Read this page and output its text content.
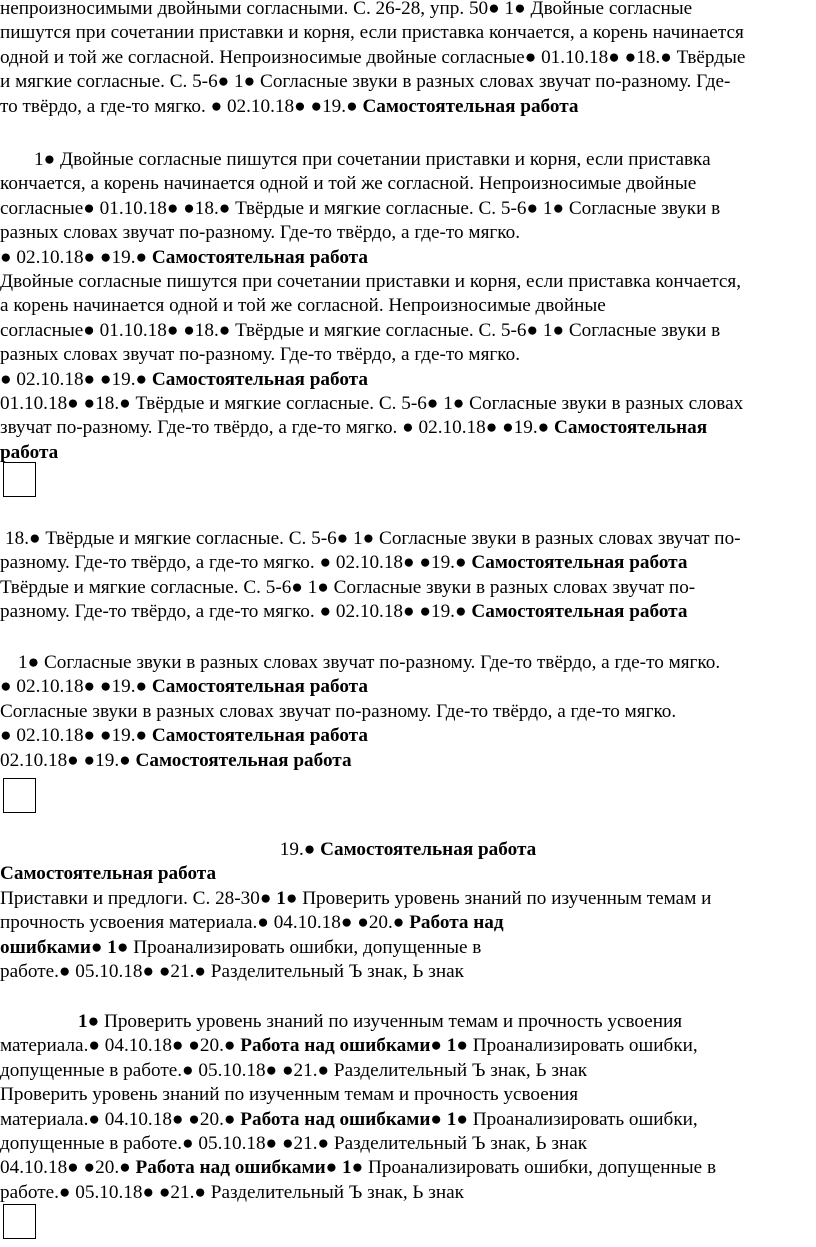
непроизносимыми двойными согласными. С. 26-28, упр. 50● 1● Двойные согласные
пишутся при сочетании приставки и корня, если приставка кончается, а корень начинается
одной и той же согласной. Непроизносимые двойные согласные● 01.10.18● ●18.● Твёрдые
и мягкие согласные. С. 5-6● 1● Согласные звуки в разных словах звучат по-разному. Где-
то твёрдо, а где-то мягко. ● 02.10.18● ●19.● Самостоятельная работа
1● Двойные согласные пишутся при сочетании приставки и корня, если приставка
кончается, а корень начинается одной и той же согласной. Непроизносимые двойные
согласные● 01.10.18● ●18.● Твёрдые и мягкие согласные. С. 5-6● 1● Согласные звуки в
разных словах звучат по-разному. Где-то твёрдо, а где-то мягко.
● 02.10.18● ●19.● Самостоятельная работа
Двойные согласные пишутся при сочетании приставки и корня, если приставка кончается,
а корень начинается одной и той же согласной. Непроизносимые двойные
согласные● 01.10.18● ●18.● Твёрдые и мягкие согласные. С. 5-6● 1● Согласные звуки в
разных словах звучат по-разному. Где-то твёрдо, а где-то мягко.
● 02.10.18● ●19.● Самостоятельная работа
01.10.18● ●18.● Твёрдые и мягкие согласные. С. 5-6● 1● Согласные звуки в разных словах
звучат по-разному. Где-то твёрдо, а где-то мягко. ● 02.10.18● ●19.● Самостоятельная
работа
18.● Твёрдые и мягкие согласные. С. 5-6● 1● Согласные звуки в разных словах звучат по-
разному. Где-то твёрдо, а где-то мягко. ● 02.10.18● ●19.● Самостоятельная работа
Твёрдые и мягкие согласные. С. 5-6● 1● Согласные звуки в разных словах звучат по-
разному. Где-то твёрдо, а где-то мягко. ● 02.10.18● ●19.● Самостоятельная работа
1● Согласные звуки в разных словах звучат по-разному. Где-то твёрдо, а где-то мягко.
● 02.10.18● ●19.● Самостоятельная работа
Согласные звуки в разных словах звучат по-разному. Где-то твёрдо, а где-то мягко.
● 02.10.18● ●19.● Самостоятельная работа
02.10.18● ●19.● Самостоятельная работа
19.● Самостоятельная работа
Самостоятельная работа
Приставки и предлоги. С. 28-30● 1● Проверить уровень знаний по изученным темам и
прочность усвоения материала.● 04.10.18● ●20.● Работа над
ошибками● 1● Проанализировать ошибки, допущенные в
работе.● 05.10.18● ●21.● Разделительный Ъ знак, Ь знак
1● Проверить уровень знаний по изученным темам и прочность усвоения
материала.● 04.10.18● ●20.● Работа над ошибками● 1● Проанализировать ошибки,
допущенные в работе.● 05.10.18● ●21.● Разделительный Ъ знак, Ь знак
Проверить уровень знаний по изученным темам и прочность усвоения
материала.● 04.10.18● ●20.● Работа над ошибками● 1● Проанализировать ошибки,
допущенные в работе.● 05.10.18● ●21.● Разделительный Ъ знак, Ь знак
04.10.18● ●20.● Работа над ошибками● 1● Проанализировать ошибки, допущенные в
работе.● 05.10.18● ●21.● Разделительный Ъ знак, Ь знак
